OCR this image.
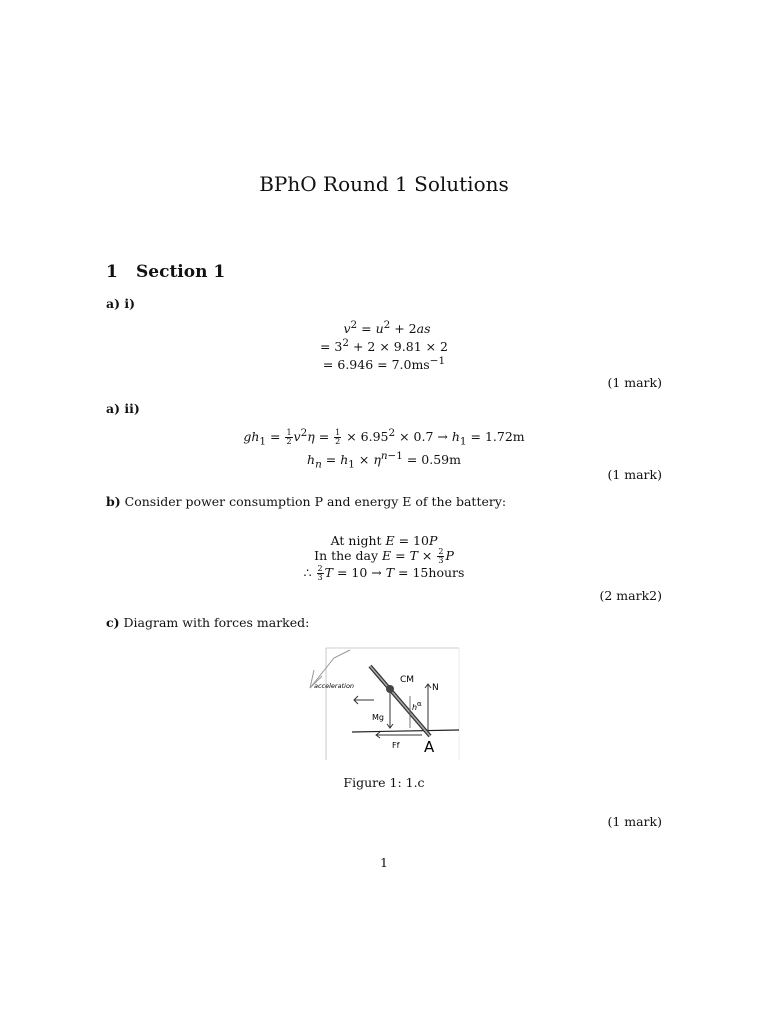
BPhO Round 1 Solutions
1 Section 1
a) i)
$v^2 = u^2 + 2as$
= $3^2 + 2 \times 9.81 \times 2$
= $6.946 = 7.0ms^{-1}$
(1 mark)
a) ii)
$gh_1 = \frac{1}{2} v^2\eta = \frac{1}{2} \times 6.95^2 \times 0.7 \to h_1 = 1.72m$
$h_n = h_1 \times \eta^{n-1} = 0.59m$
(1 mark)
b) Consider power consumption P and energy E of the battery:
At night E = 10P
In the day $E = T \times \frac{2}{3}$ P
∴ $\frac{2}{3}$ T = 10 → T = 15hours
(2 mark2)
c) Diagram with forces marked:
CM
acceleration	N
Mg
h α
Ff A
Figure 1: 1.c
(1 mark)
1
